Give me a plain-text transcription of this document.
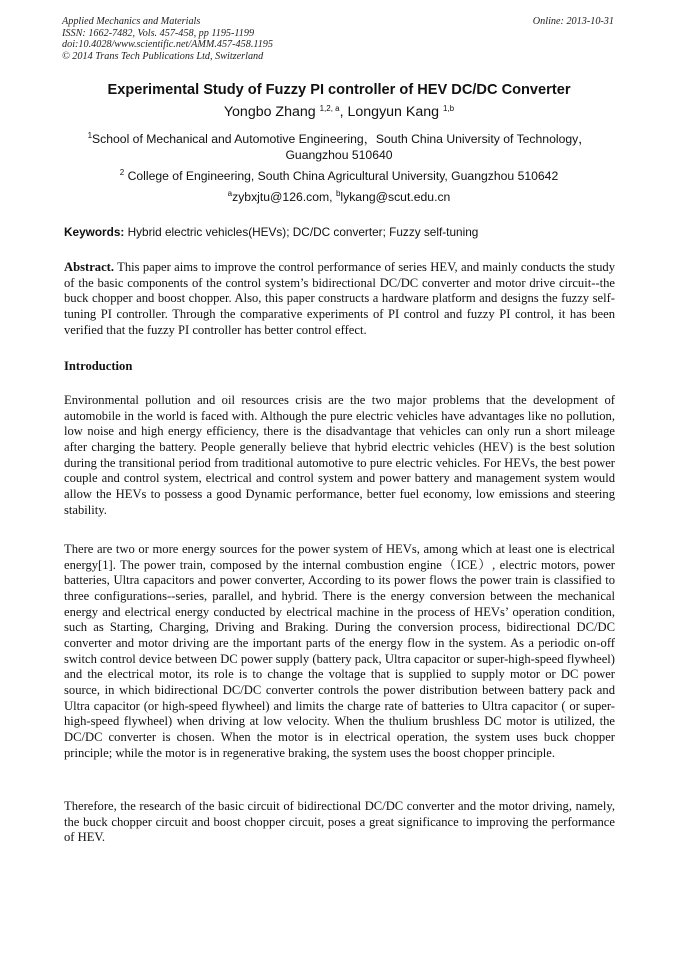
Applied Mechanics and Materials
ISSN: 1662-7482, Vols. 457-458, pp 1195-1199
doi:10.4028/www.scientific.net/AMM.457-458.1195
© 2014 Trans Tech Publications Ltd, Switzerland
Online: 2013-10-31
Experimental Study of Fuzzy PI controller of HEV DC/DC Converter
Yongbo Zhang $^{1,2, a}$, Longyun Kang $^{1,b}$
$^1$School of Mechanical and Automotive Engineering，South China University of Technology，
Guangzhou 510640
$^2$ College of Engineering, South China Agricultural University, Guangzhou 510642
$^a$zybxjtu@126.com, $^b$lykang@scut.edu.cn
Keywords: Hybrid electric vehicles(HEVs); DC/DC converter; Fuzzy self-tuning
Abstract. This paper aims to improve the control performance of series HEV, and mainly conducts the study of the basic components of the control system’s bidirectional DC/DC converter and motor drive circuit--the buck chopper and boost chopper. Also, this paper constructs a hardware platform and designs the fuzzy self-tuning PI controller. Through the comparative experiments of PI control and fuzzy PI control, it has been verified that the fuzzy PI controller has better control effect.
Introduction
Environmental pollution and oil resources crisis are the two major problems that the development of automobile in the world is faced with. Although the pure electric vehicles have advantages like no pollution, low noise and high energy efficiency, there is the disadvantage that vehicles can only run a short mileage after charging the battery. People generally believe that hybrid electric vehicles (HEV) is the best solution during the transitional period from traditional automotive to pure electric vehicles. For HEVs, the best power couple and control system, electrical and control system and power battery and management system would allow the HEVs to possess a good Dynamic performance, better fuel economy, low emissions and steering stability.
There are two or more energy sources for the power system of HEVs, among which at least one is electrical energy[1]. The power train, composed by the internal combustion engine（ICE）, electric motors, power batteries, Ultra capacitors and power converter, According to its power flows the power train is classified to three configurations--series, parallel, and hybrid. There is the energy conversion between the mechanical energy and electrical energy conducted by electrical machine in the process of HEVs’ operation condition, such as Starting, Charging, Driving and Braking. During the conversion process, bidirectional DC/DC converter and motor driving are the important parts of the energy flow in the system. As a periodic on-off switch control device between DC power supply (battery pack, Ultra capacitor or super-high-speed flywheel) and the electrical motor, its role is to change the voltage that is supplied to supply motor or DC power source, in which bidirectional DC/DC converter controls the power distribution between battery pack and Ultra capacitor (or high-speed flywheel) and limits the charge rate of batteries to Ultra capacitor ( or super- high-speed flywheel) when driving at low velocity. When the thulium brushless DC motor is utilized, the DC/DC converter is chosen. When the motor is in electrical operation, the system uses buck chopper principle; while the motor is in regenerative braking, the system uses the boost chopper principle.
Therefore, the research of the basic circuit of bidirectional DC/DC converter and the motor driving, namely, the buck chopper circuit and boost chopper circuit, poses a great significance to improving the performance of HEV.
